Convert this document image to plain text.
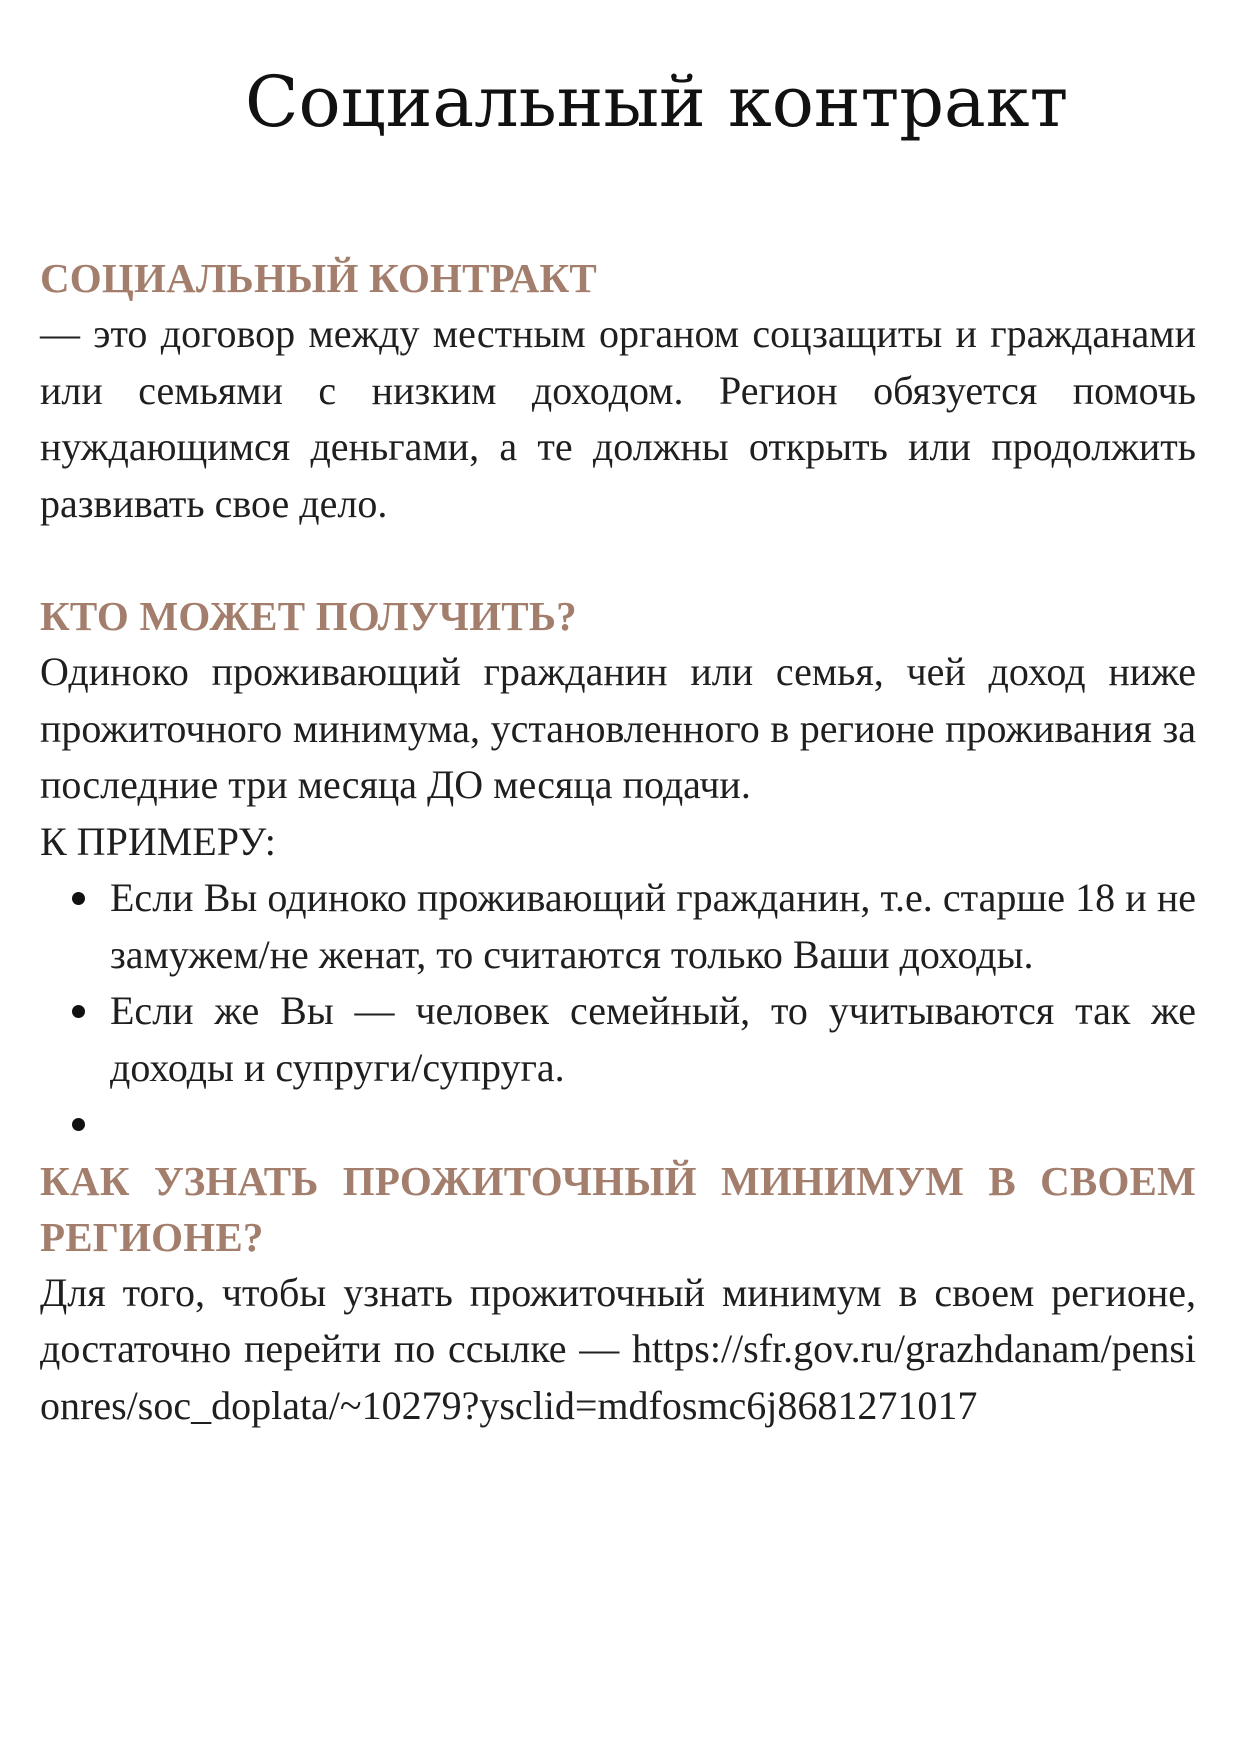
Социальный контракт
СОЦИАЛЬНЫЙ КОНТРАКТ

— это договор между местным органом соцзащиты и гражданами или семьями с низким доходом. Регион обязуется помочь нуждающимся деньгами, а те должны открыть или продолжить развивать свое дело.

КТО МОЖЕТ ПОЛУЧИТЬ?

Одиноко проживающий гражданин или семья, чей доход ниже прожиточного минимума, установленного в регионе проживания за последние три месяца ДО месяца подачи.

К ПРИМЕРУ:

Если Вы одиноко проживающий гражданин, т.е. старше 18 и не замужем/не женат, то считаются только Ваши доходы.
Если же Вы — человек семейный, то учитываются так же доходы и супруги/супруга.
КАК УЗНАТЬ ПРОЖИТОЧНЫЙ МИНИМУМ В СВОЕМ РЕГИОНЕ?

Для того, чтобы узнать прожиточный минимум в своем регионе, достаточно перейти по ссылке — https://sfr.gov.ru/grazhdanam/pensionres/soc_doplata/~10279?ysclid=mdfosmc6j8681271017
